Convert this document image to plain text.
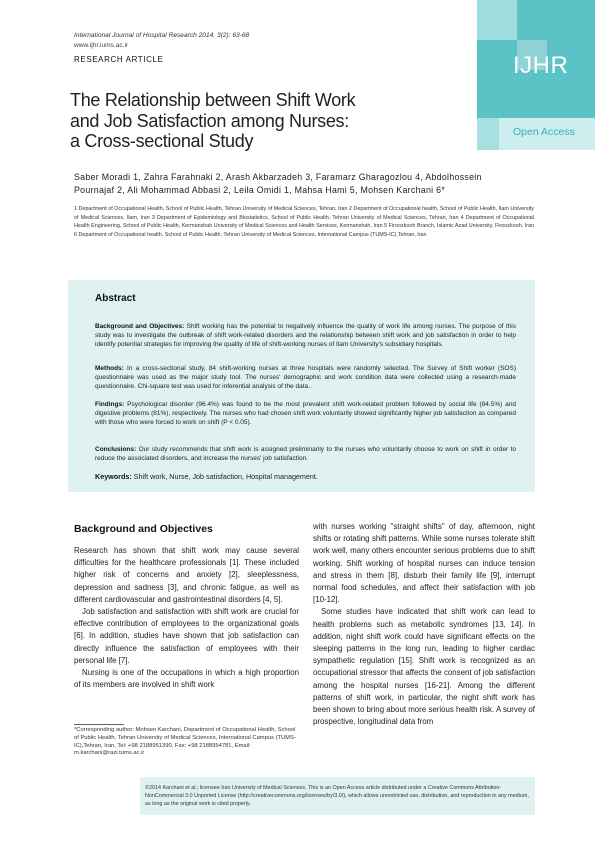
International Journal of Hospital Research 2014, 3(2): 63-68
www.ijhr.iums.ac.ir
RESEARCH ARTICLE	IJHR
Open Access
The Relationship between Shift Work
and Job Satisfaction among Nurses:
a Cross-sectional Study
Saber Moradi 1, Zahra Farahnaki 2, Arash Akbarzadeh 3, Faramarz Gharagozlou 4, Abdolhossein
Pournajaf 2, Ali Mohammad Abbasi 2, Leila Omidi 1, Mahsa Hami 5, Mohsen Karchani 6*
1 Department of Occupational Health, School of Public Health, Tehran University of Medical Sciences, Tehran, Iran 2 Department of Occupational health, School of Public Health, Ilam University of Medical Sciences, Ilam, Iran 3 Department of Epidemiology and Biostatistics, School of Public Health, Tehran University of Medical Sciences, Tehran, Iran 4 Department of Occupational Health Engineering, School of Public Health, Kermanshah University of Medical Sciences and Health Services, Kermanshah, Iran 5 Firoozkooh Branch, Islamic Azad University, Firoozkooh, Iran 6 Department of Occupational health, School of Public Health, Tehran University of Medical Sciences, International Campus (TUMS-IC),Tehran, Iran
Abstract
Background and Objectives: Shift working has the potential to negatively influence the quality of work life among nurses. The purpose of this study was to investigate the outbreak of shift work-related disorders and the relationship between shift work and job satisfaction in order to help identify potential strategies for improving the quality of life of shift-working nurses of Ilam University's subsidiary hospitals.
Methods: In a cross-sectional study, 84 shift-working nurses at three hospitals were randomly selected. The Survey of Shift worker (SOS) questionnaire was used as the major study tool. The nurses' demographic and work condition data were collected using a research-made questionnaire. Chi-square test was used for inferential analysis of the data..
Findings: Psychological disorder (96.4%) was found to be the most prevalent shift work-related problem followed by social life (84.5%) and digestive problems (81%), respectively. The nurses who had chosen shift work voluntarily showed significantly higher job satisfaction as compared with those who were forced to work on shift (P < 0.05).
Conclusions: Our study recommends that shift work is assigned preliminarily to the nurses who voluntarily choose to work on shift in order to reduce the associated disorders, and increase the nurses' job satisfaction.
Keywords: Shift work, Nurse, Job satisfaction, Hospital management.
Background and Objectives

Research has shown that shift work may cause several difficulties for the healthcare professionals [1]. These included higher risk of concerns and anxiety [2], sleeplessness, depression and sadness [3], and chronic fatigue, as well as different cardiovascular and gastrointestinal disorders [4, 5].

Job satisfaction and satisfaction with shift work are crucial for effective contribution of employees to the organizational goals [6]. In addition, studies have shown that job satisfaction can directly influence the satisfaction of employees with their personal life [7].

Nursing is one of the occupations in which a high proportion of its members are involved in shift work

with nurses working "straight shifts" of day, afternoon, night shifts or rotating shift patterns. While some nurses tolerate shift work well, many others encounter serious problems due to shift working. Shift working of hospital nurses can induce tension and stress in them [8], disturb their family life [9], interrupt normal food schedules, and affect their satisfaction with job [10-12].

Some studies have indicated that shift work can lead to health problems such as metabolic syndromes [13, 14]. In addition, night shift work could have significant effects on the sleeping patterns in the long run, leading to higher cardiac sympathetic regulation [15]. Shift work is recognized as an occupational stressor that affects the consent of job satisfaction among the hospital nurses [16-21]. Among the different patterns of shift work, in particular, the night shift work has been shown to bring about more serious health risk. A survey of prospective, longitudinal data from

*Corresponding author: Mohsen Karchani, Department of Occupational Health, School of Public Health, Tehran University of Medical Sciences, International Campus (TUMS-IC),Tehran, Iran, Tel: +98 2188951390, Fax: +98 2188954781, Email: m.karchani@razi.tums.ac.ir
©2014 Karchani et al.; licensee Iran University of Medical Sciences. This is an Open Access article distributed under a Creative Commons Attribution-NonCommercial 3.0 Unported License (http://creativecommons.org/licenses/by/3.0/), which allows unrestricted use, distribution, and reproduction in any medium, as long as the original work is cited properly.
